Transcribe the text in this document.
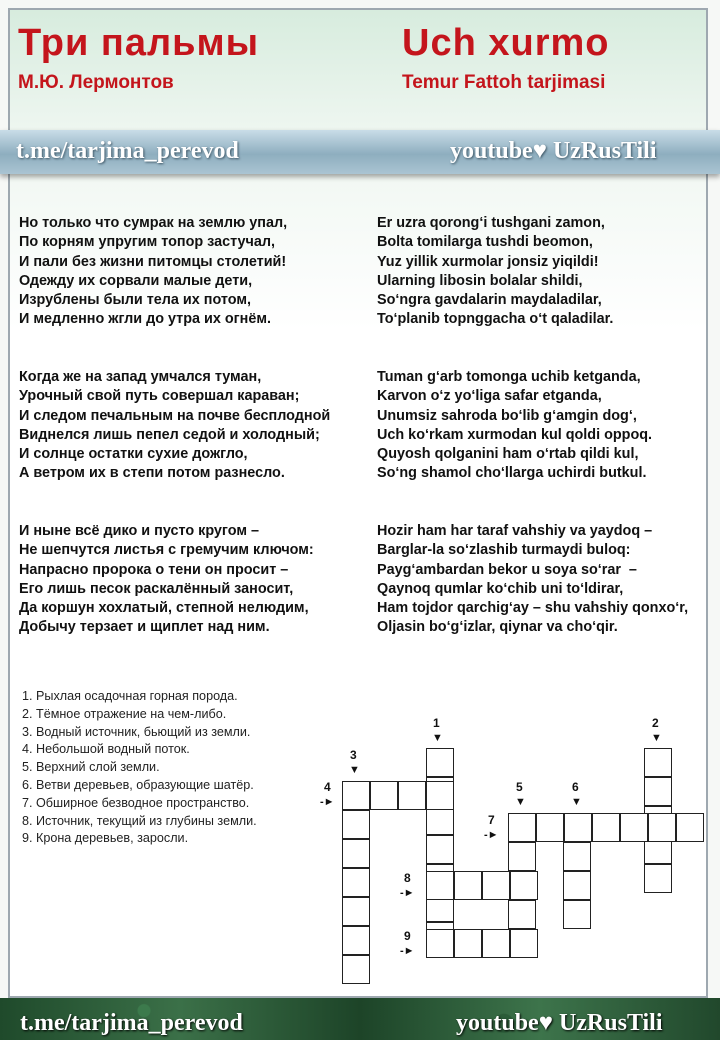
Три пальмы	Uch xurmo
М.Ю. Лермонтов	Temur Fattoh tarjimasi
t.me/tarjima_perevod	youtube♥ UzRusTili
Но только что сумрак на землю упал,
По корням упругим топор застучал,
И пали без жизни питомцы столетий!
Одежду их сорвали малые дети,
Изрублены были тела их потом,
И медленно жгли до утра их огнём.
Er uzra qorong‘i tushgani zamon,
Bolta tomilarga tushdi beomon,
Yuz yillik xurmolar jonsiz yiqildi!
Ularning libosin bolalar shildi,
So‘ngra gavdalarin maydaladilar,
To‘planib topnggacha o‘t qaladilar.
Когда же на запад умчался туман,
Урочный свой путь совершал караван;
И следом печальным на почве бесплодной
Виднелся лишь пепел седой и холодный;
И солнце остатки сухие дожгло,
А ветром их в степи потом разнесло.
Tuman g‘arb tomonga uchib ketganda,
Karvon o‘z yo‘liga safar etganda,
Unumsiz sahroda bo‘lib g‘amgin dog‘,
Uch ko‘rkam xurmodan kul qoldi oppoq.
Quyosh qolganini ham o‘rtab qildi kul,
So‘ng shamol cho‘llarga uchirdi butkul.
И ныне всё дико и пусто кругом –
Не шепчутся листья с гремучим ключом:
Напрасно пророка о тени он просит –
Его лишь песок раскалённый заносит,
Да коршун хохлатый, степной нелюдим,
Добычу терзает и щиплет над ним.
Hozir ham har taraf vahshiy va yaydoq –
Barglar-la so‘zlashib turmaydi buloq:
Payg‘ambardan bekor u soya so‘rar  –
Qaynoq qumlar ko‘chib uni to‘ldirar,
Ham tojdor qarchig‘ay – shu vahshiy qonxo‘r,
Oljasin bo‘g‘izlar, qiynar va cho‘qir.
1. Рыхлая осадочная горная порода.
2. Тёмное отражение на чем-либо.
3. Водный источник, бьющий из земли.
4. Небольшой водный поток.
5. Верхний слой земли.
6. Ветви деревьев, образующие шатёр.
7. Обширное безводное пространство.
8. Источник, текущий из глубины земли.
9. Крона деревьев, заросли.
1
▼
2
▼
3
▼
4
-►
5
▼
6
▼
7
-►
8
-►
9
-►
t.me/tarjima_perevod	youtube♥ UzRusTili
